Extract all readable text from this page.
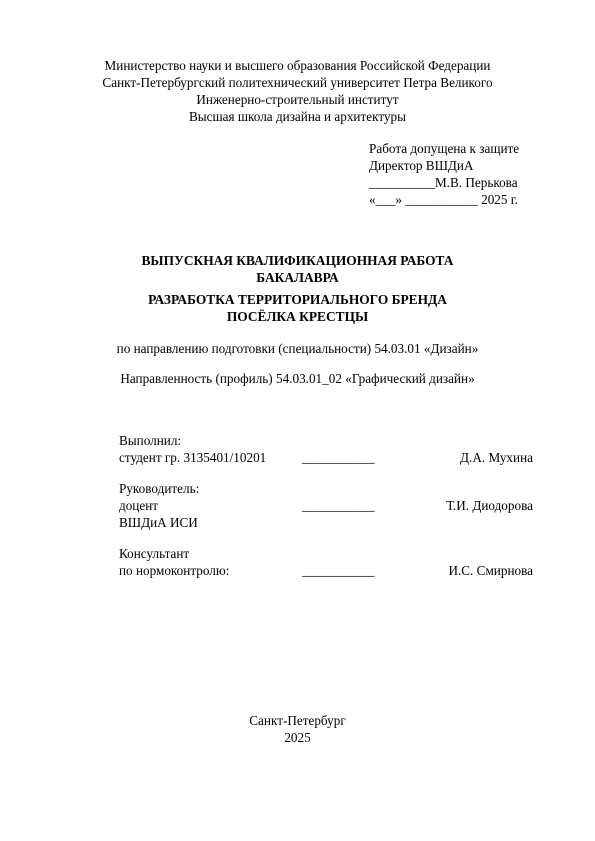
Министерство науки и высшего образования Российской Федерации
Санкт-Петербургский политехнический университет Петра Великого
Инженерно-строительный институт
Высшая школа дизайна и архитектуры
Работа допущена к защите
Директор ВШДиА
__________М.В. Перькова
«___» ___________ 2025 г.
ВЫПУСКНАЯ КВАЛИФИКАЦИОННАЯ РАБОТА
БАКАЛАВРА
РАЗРАБОТКА ТЕРРИТОРИАЛЬНОГО БРЕНДА
ПОСЁЛКА КРЕСТЦЫ
по направлению подготовки (специальности) 54.03.01 «Дизайн»
Направленность (профиль) 54.03.01_02 «Графический дизайн»
Выполнил:
студент гр. 3135401/10201	___________	Д.А. Мухина
Руководитель:
доцент	___________	Т.И. Диодорова
ВШДиА ИСИ
Консультант
по нормоконтролю:	___________	И.С. Смирнова
Санкт-Петербург
2025
